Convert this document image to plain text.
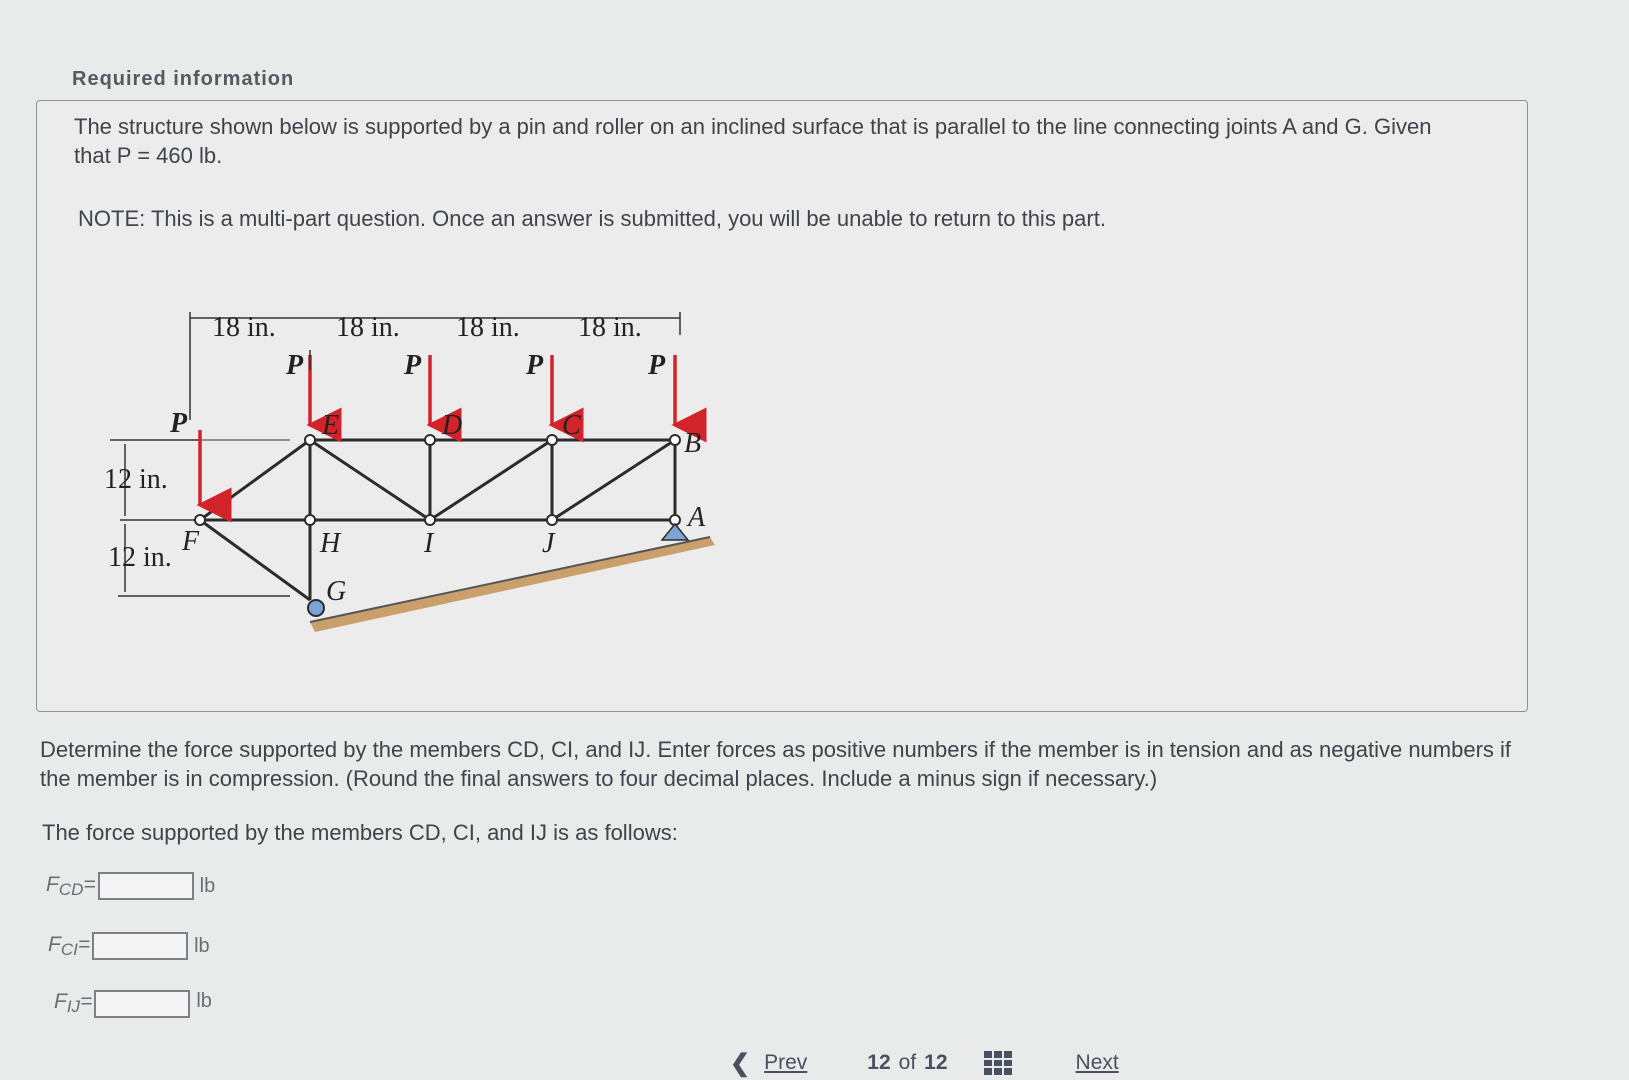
Required information
The structure shown below is supported by a pin and roller on an inclined surface that is parallel to the line connecting joints A and G. Given that P = 460 lb.
NOTE: This is a multi-part question. Once an answer is submitted, you will be unable to return to this part.
18 in. 18 in. 18 in. 18 in.
12 in.
12 in.
P
P	P	P	P
E	D	C
B
A
F	H	I	J
G
Determine the force supported by the members CD, CI, and IJ. Enter forces as positive numbers if the member is in tension and as negative numbers if the member is in compression. (Round the final answers to four decimal places. Include a minus sign if necessary.)
The force supported by the members CD, CI, and IJ is as follows:
$F_{CD}=$	lb
$F_{CI}=$	lb
$F_{IJ}=$	lb
❮ Prev	12 of 12	Next
